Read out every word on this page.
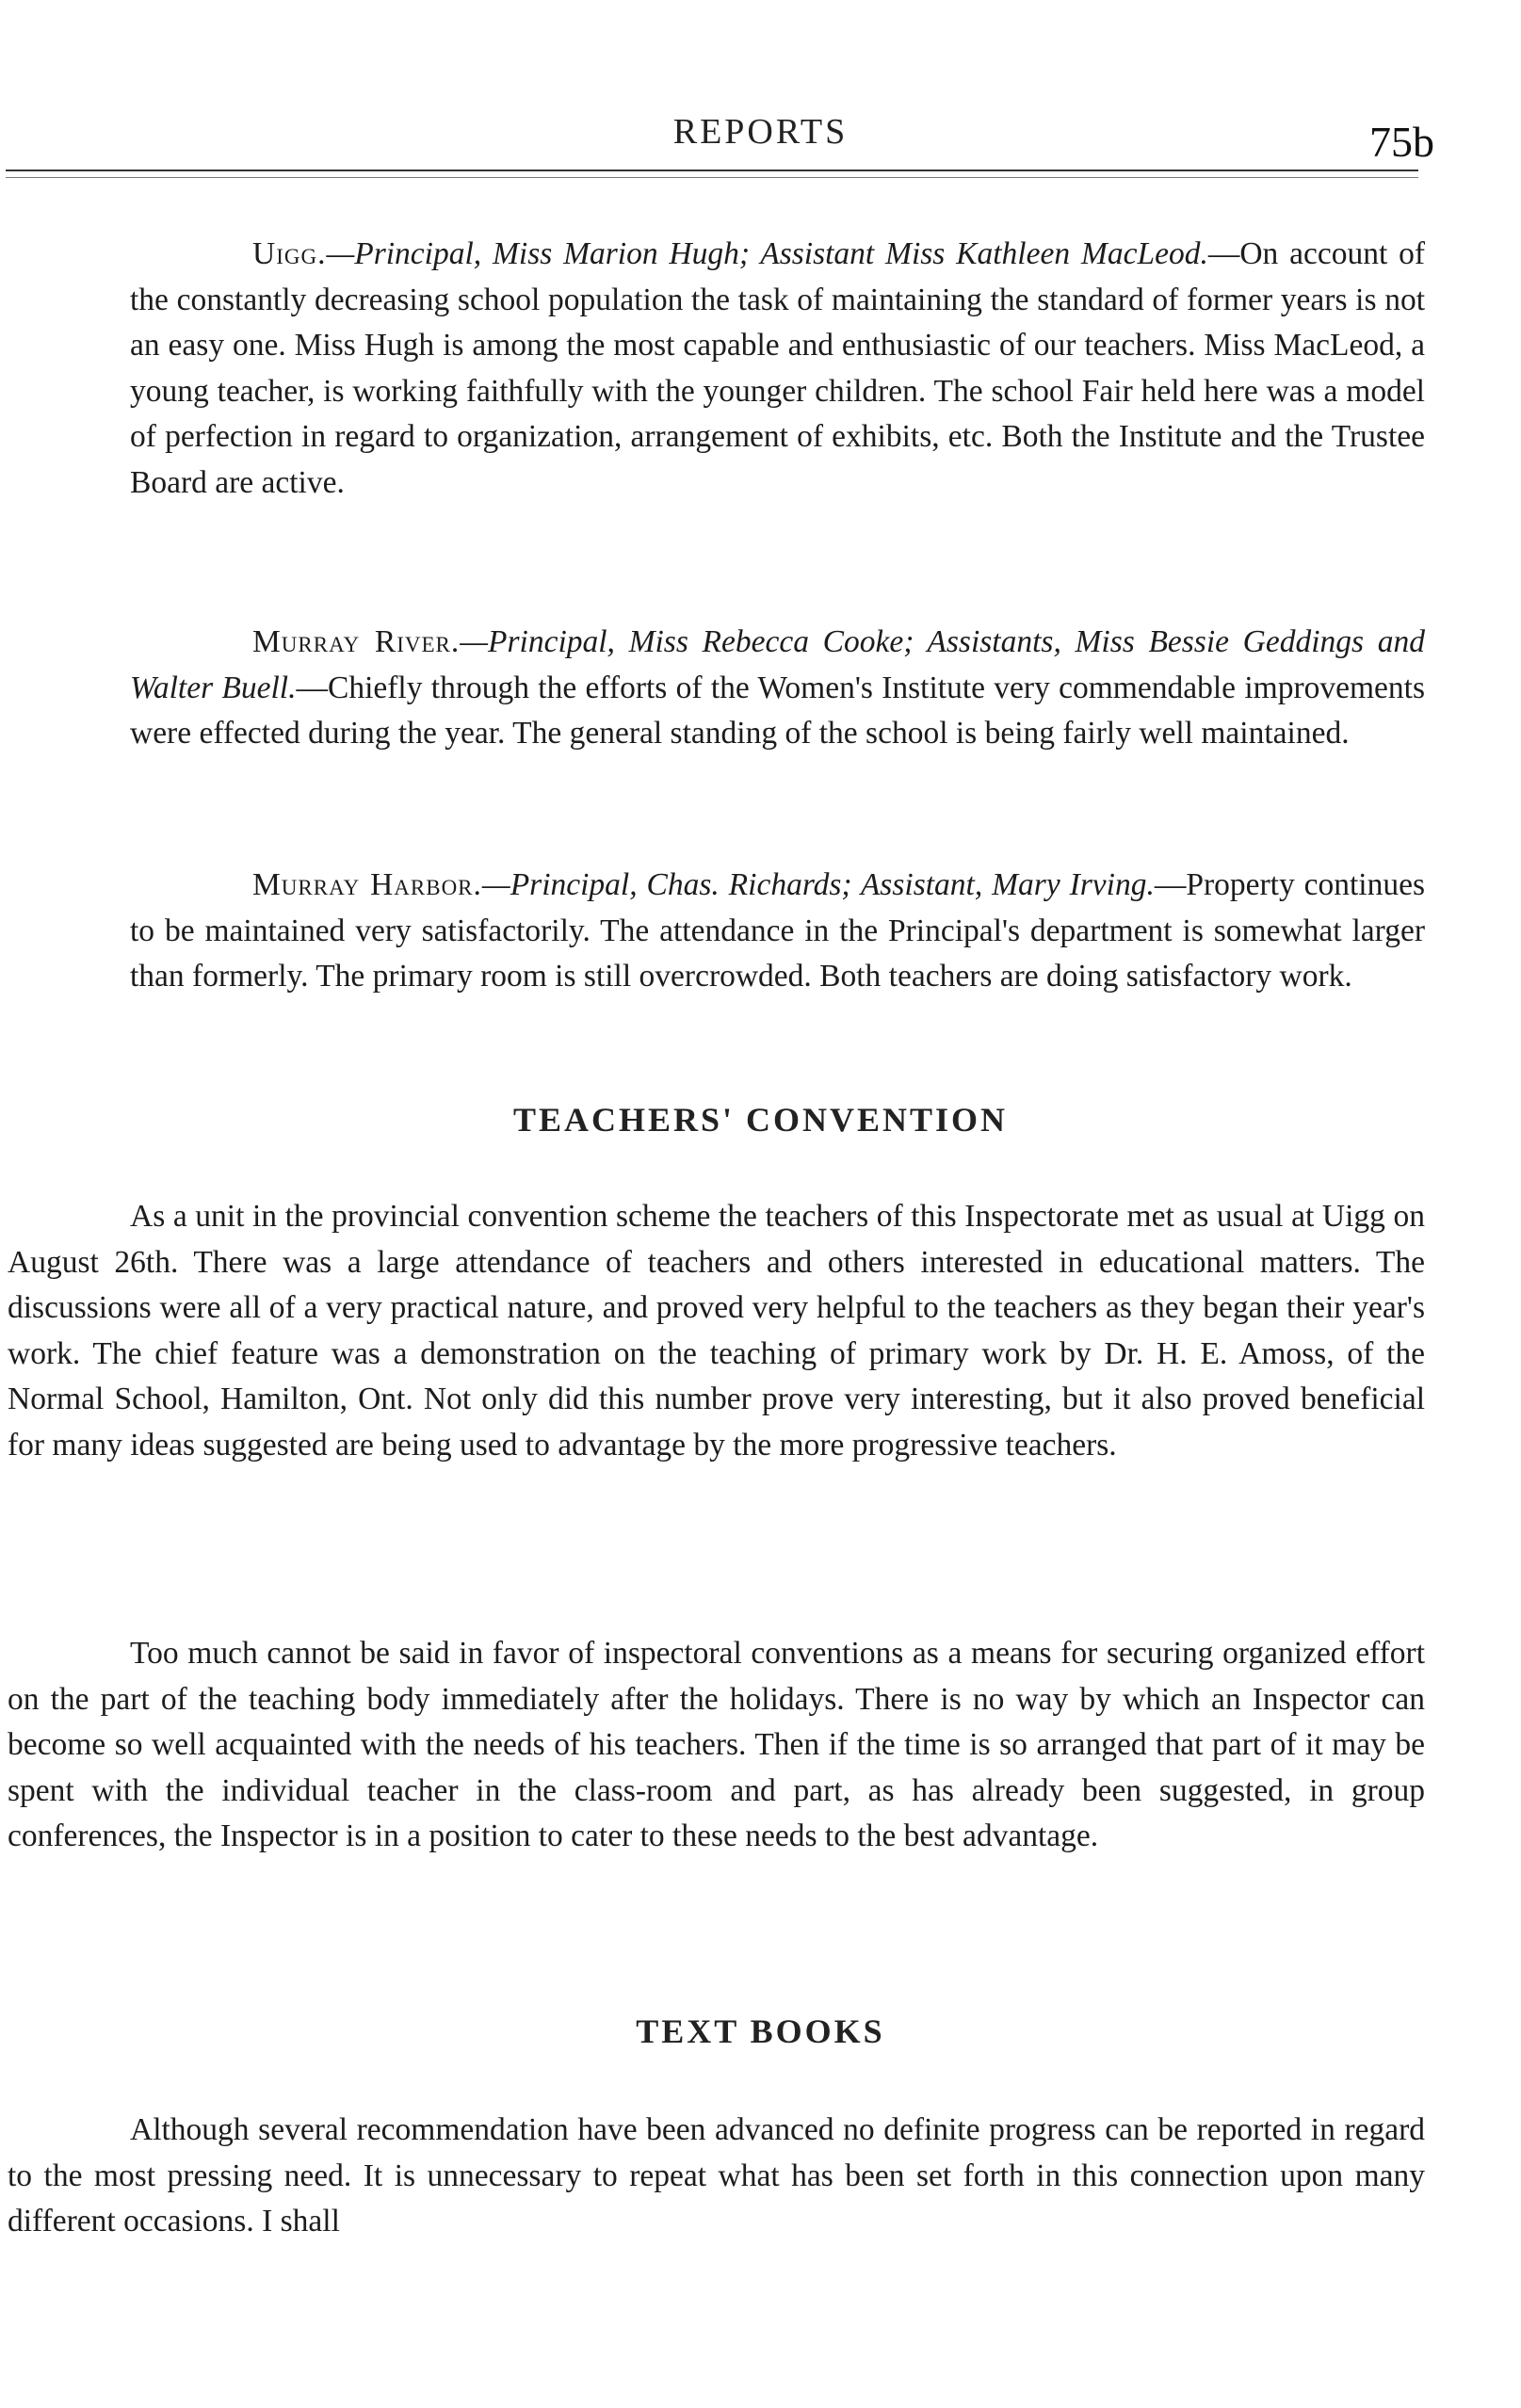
REPORTS	75b

Uigg.—Principal, Miss Marion Hugh; Assistant Miss Kathleen MacLeod.—On account of the constantly decreasing school population the task of maintaining the standard of former years is not an easy one. Miss Hugh is among the most capable and enthusiastic of our teachers. Miss MacLeod, a young teacher, is working faithfully with the younger children. The school Fair held here was a model of perfection in regard to organization, arrangement of exhibits, etc. Both the Institute and the Trustee Board are active.

Murray River.—Principal, Miss Rebecca Cooke; Assistants, Miss Bessie Geddings and Walter Buell.—Chiefly through the efforts of the Women's Institute very commendable improvements were effected during the year. The general standing of the school is being fairly well maintained.

Murray Harbor.—Principal, Chas. Richards; Assistant, Mary Irving.—Property continues to be maintained very satisfactorily. The attendance in the Principal's department is somewhat larger than formerly. The primary room is still overcrowded. Both teachers are doing satisfactory work.

TEACHERS' CONVENTION

As a unit in the provincial convention scheme the teachers of this Inspectorate met as usual at Uigg on August 26th. There was a large attendance of teachers and others interested in educational matters. The discussions were all of a very practical nature, and proved very helpful to the teachers as they began their year's work. The chief feature was a demonstration on the teaching of primary work by Dr. H. E. Amoss, of the Normal School, Hamilton, Ont. Not only did this number prove very interesting, but it also proved beneficial for many ideas suggested are being used to advantage by the more progressive teachers.

Too much cannot be said in favor of inspectoral conventions as a means for securing organized effort on the part of the teaching body immediately after the holidays. There is no way by which an Inspector can become so well acquainted with the needs of his teachers. Then if the time is so arranged that part of it may be spent with the individual teacher in the class-room and part, as has already been suggested, in group conferences, the Inspector is in a position to cater to these needs to the best advantage.

TEXT BOOKS

Although several recommendation have been advanced no definite progress can be reported in regard to the most pressing need. It is unnecessary to repeat what has been set forth in this connection upon many different occasions. I shall
